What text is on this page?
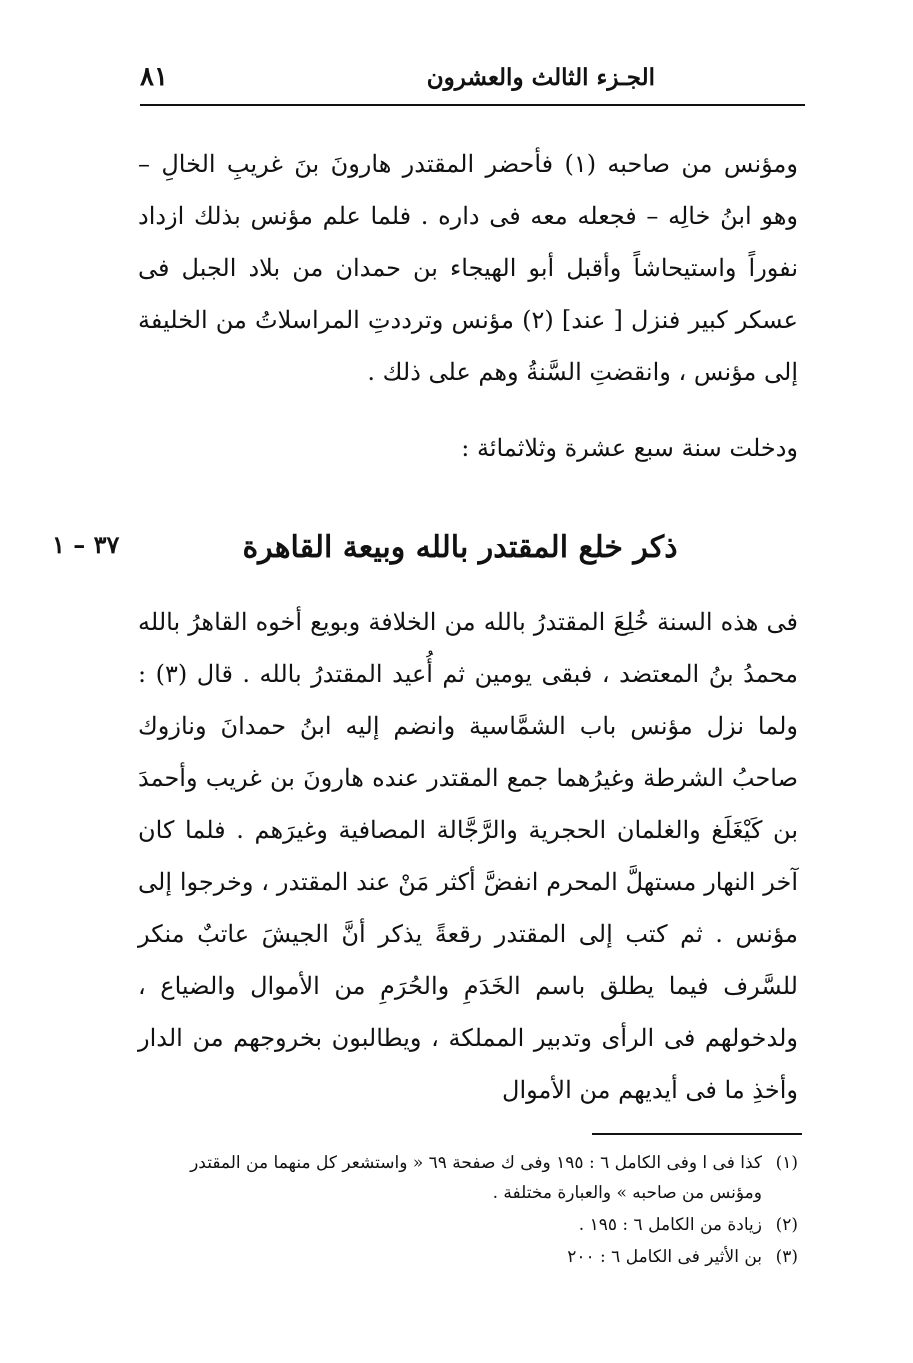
الجـزء الثالث والعشرون
٨١

ومؤنس من صاحبه (١) فأحضر المقتدر هارونَ بنَ غريبِ الخالِ – وهو ابنُ خالِه – فجعله معه فى داره . فلما علم مؤنس بذلك ازداد نفوراً واستيحاشاً وأقبل أبو الهيجاء بن حمدان من بلاد الجبل فى عسكر كبير فنزل [ عند] (٢) مؤنس وترددتِ المراسلاتُ من الخليفة إلى مؤنس ، وانقضتِ السَّنةُ وهم على ذلك .

ودخلت سنة سبع عشرة وثلاثمائة :

٣٧ – ١	ذكر خلع المقتدر بالله وبيعة القاهرة

فى هذه السنة خُلِعَ المقتدرُ بالله من الخلافة وبويع أخوه القاهرُ بالله محمدُ بنُ المعتضد ، فبقى يومين ثم أُعيد المقتدرُ بالله . قال (٣) : ولما نزل مؤنس باب الشمَّاسية وانضم إليه ابنُ حمدانَ ونازوك صاحبُ الشرطة وغيرُهما جمع المقتدر عنده هارونَ بن غريب وأحمدَ بن كَيْغَلَغ والغلمان الحجرية والرَّجَّالة المصافية وغيرَهم . فلما كان آخر النهار مستهلَّ المحرم انفضَّ أكثر مَنْ عند المقتدر ، وخرجوا إلى مؤنس . ثم كتب إلى المقتدر رقعةً يذكر أنَّ الجيشَ عاتبٌ منكر للسَّرف فيما يطلق باسم الخَدَمِ والحُرَمِ من الأموال والضياع ، ولدخولهم فى الرأى وتدبير المملكة ، ويطالبون بخروجهم من الدار وأخذِ ما فى أيديهم من الأموال

(١)كذا فى ا وفى الكامل ٦ : ١٩٥ وفى ك صفحة ٦٩ « واستشعر كل منهما من المقتدر
ومؤنس من صاحبه » والعبارة مختلفة .

(٢)زيادة من الكامل ٦ : ١٩٥ .

(٣)بن الأثير فى الكامل ٦ : ٢٠٠
